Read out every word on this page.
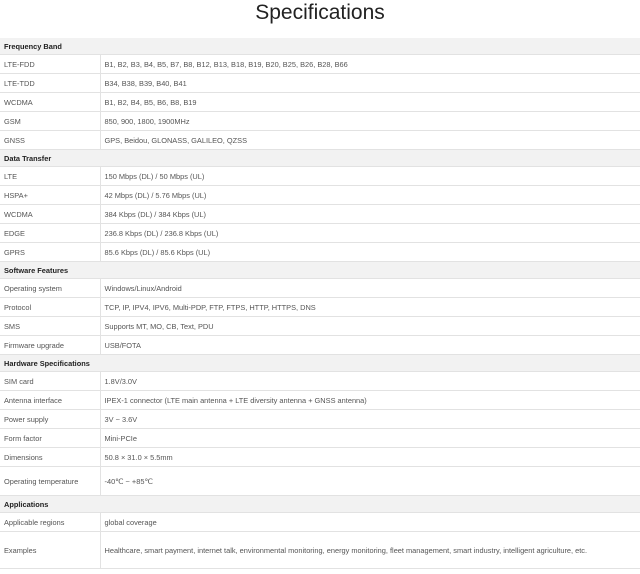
Specifications
Frequency Band	
LTE-FDD	B1, B2, B3, B4, B5, B7, B8, B12, B13, B18, B19, B20, B25, B26, B28, B66
LTE-TDD	B34, B38, B39, B40, B41
WCDMA	B1, B2, B4, B5, B6, B8, B19
GSM	850, 900, 1800, 1900MHz
GNSS	GPS, Beidou, GLONASS, GALILEO, QZSS
Data Transfer	
LTE	150 Mbps (DL) / 50 Mbps (UL)
HSPA+	42 Mbps (DL) / 5.76 Mbps (UL)
WCDMA	384 Kbps (DL) / 384 Kbps (UL)
EDGE	236.8 Kbps (DL) / 236.8 Kbps (UL)
GPRS	85.6 Kbps (DL) / 85.6 Kbps (UL)
Software Features	
Operating system	Windows/Linux/Android
Protocol	TCP, IP, IPV4, IPV6, Multi-PDP, FTP, FTPS, HTTP, HTTPS, DNS
SMS	Supports MT, MO, CB, Text, PDU
Firmware upgrade	USB/FOTA
Hardware Specifications	
SIM card	1.8V/3.0V
Antenna interface	IPEX-1 connector (LTE main antenna + LTE diversity antenna + GNSS antenna)
Power supply	3V ~ 3.6V
Form factor	Mini-PCIe
Dimensions	50.8 × 31.0 × 5.5mm
Operating temperature	-40℃ ~ +85℃
Applications	
Applicable regions	global coverage
Examples	Healthcare, smart payment, internet talk, environmental monitoring, energy monitoring, fleet management, smart industry, intelligent agriculture, etc.
